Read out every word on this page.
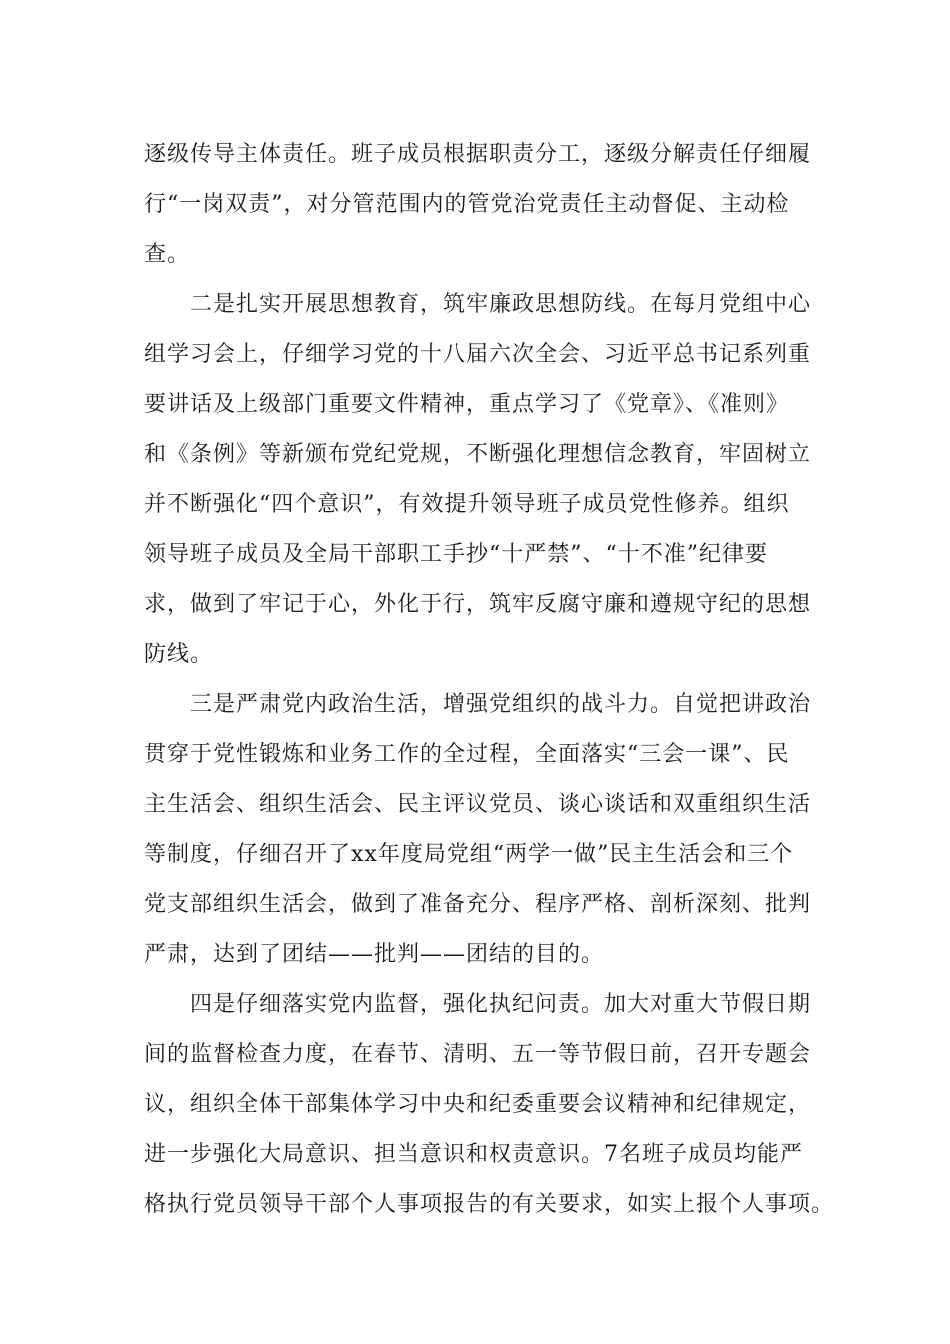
逐级传导主体责任。班子成员根据职责分工，逐级分解责任仔细履
行“一岗双责”，对分管范围内的管党治党责任主动督促、主动检
查。
二是扎实开展思想教育，筑牢廉政思想防线。在每月党组中心
组学习会上，仔细学习党的十八届六次全会、习近平总书记系列重
要讲话及上级部门重要文件精神，重点学习了《党章》、《准则》
和《条例》等新颁布党纪党规，不断强化理想信念教育，牢固树立
并不断强化“四个意识”，有效提升领导班子成员党性修养。组织
领导班子成员及全局干部职工手抄“十严禁”、“十不准”纪律要
求，做到了牢记于心，外化于行，筑牢反腐守廉和遵规守纪的思想
防线。
三是严肃党内政治生活，增强党组织的战斗力。自觉把讲政治
贯穿于党性锻炼和业务工作的全过程，全面落实“三会一课”、民
主生活会、组织生活会、民主评议党员、谈心谈话和双重组织生活
等制度，仔细召开了xx年度局党组“两学一做”民主生活会和三个
党支部组织生活会，做到了准备充分、程序严格、剖析深刻、批判
严肃，达到了团结——批判——团结的目的。
四是仔细落实党内监督，强化执纪问责。加大对重大节假日期
间的监督检查力度，在春节、清明、五一等节假日前，召开专题会
议，组织全体干部集体学习中央和纪委重要会议精神和纪律规定，
进一步强化大局意识、担当意识和权责意识。7名班子成员均能严
格执行党员领导干部个人事项报告的有关要求，如实上报个人事项。
